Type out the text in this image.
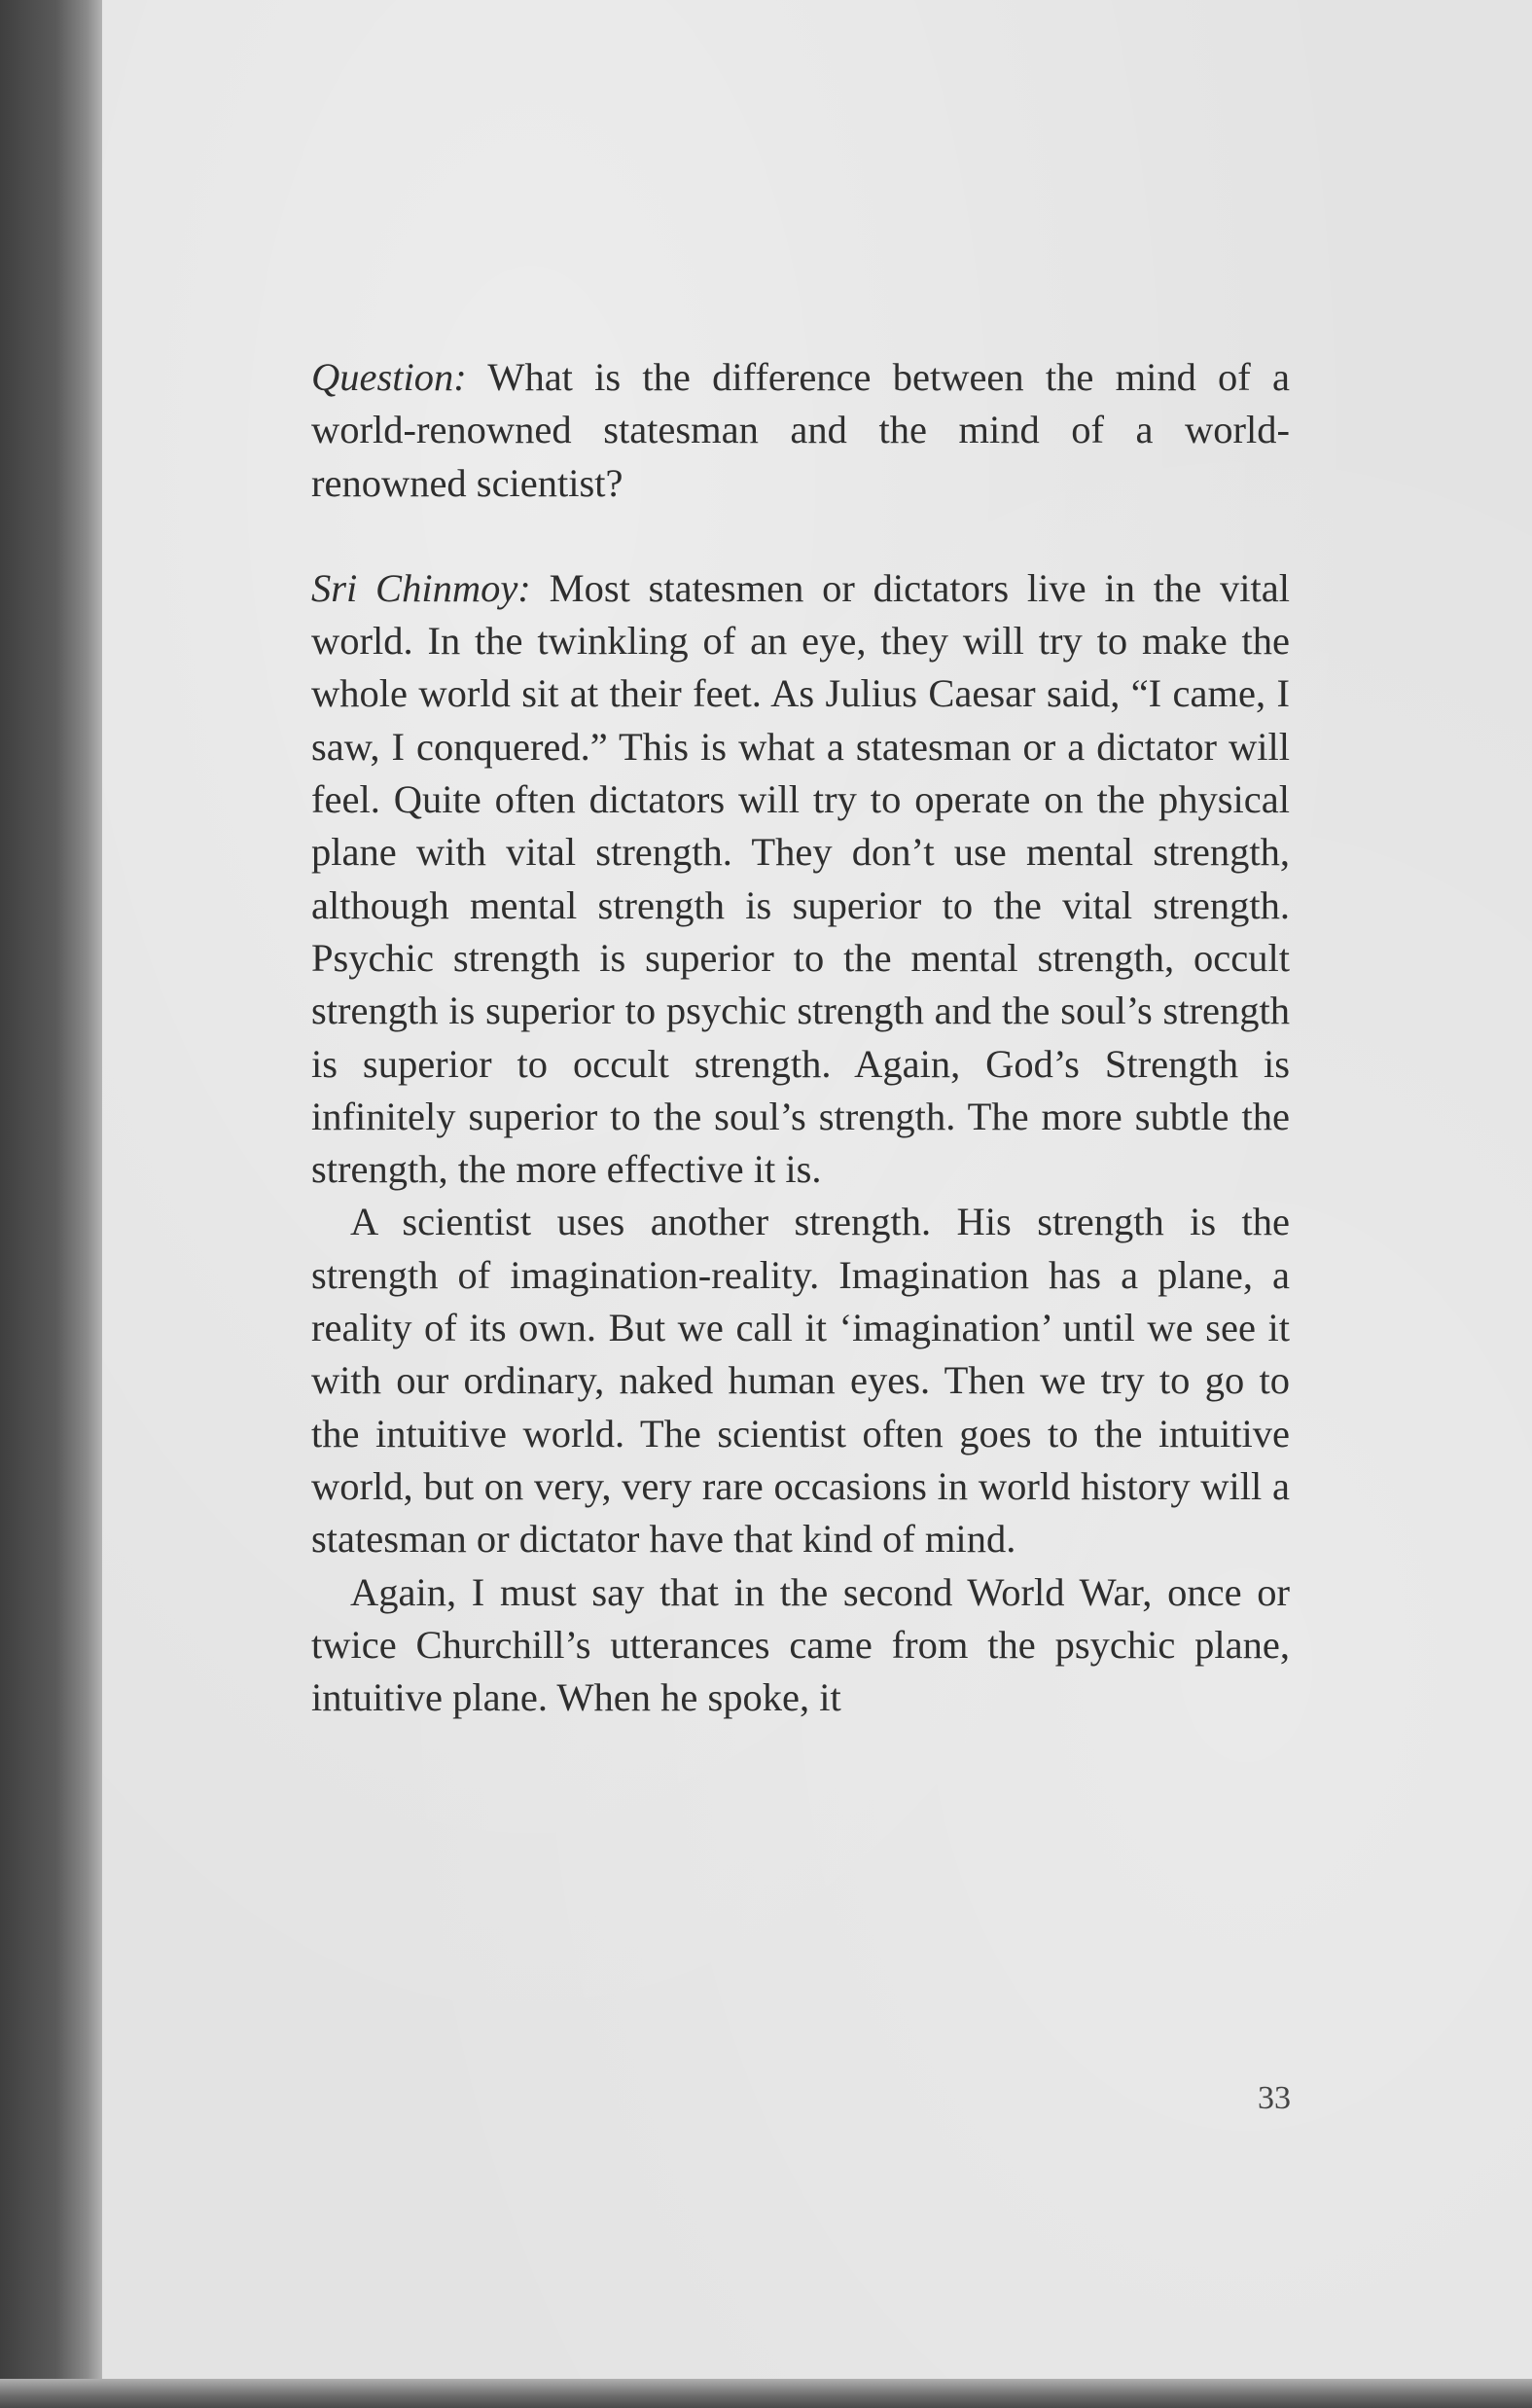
Question: What is the difference between the mind of a world-renowned statesman and the mind of a world-renowned scientist?

Sri Chinmoy: Most statesmen or dictators live in the vital world. In the twinkling of an eye, they will try to make the whole world sit at their feet. As Julius Caesar said, “I came, I saw, I conquered.” This is what a statesman or a dictator will feel. Quite often dictators will try to operate on the physical plane with vital strength. They don’t use mental strength, although mental strength is superior to the vital strength. Psychic strength is superior to the mental strength, occult strength is superior to psychic strength and the soul’s strength is superior to occult strength. Again, God’s Strength is infinitely superior to the soul’s strength. The more subtle the strength, the more effective it is.

A scientist uses another strength. His strength is the strength of imagination-reality. Imagination has a plane, a reality of its own. But we call it ‘imagination’ until we see it with our ordinary, naked human eyes. Then we try to go to the intuitive world. The scientist often goes to the intuitive world, but on very, very rare occasions in world history will a statesman or dictator have that kind of mind.

Again, I must say that in the second World War, once or twice Churchill’s utterances came from the psychic plane, intuitive plane. When he spoke, it

33
